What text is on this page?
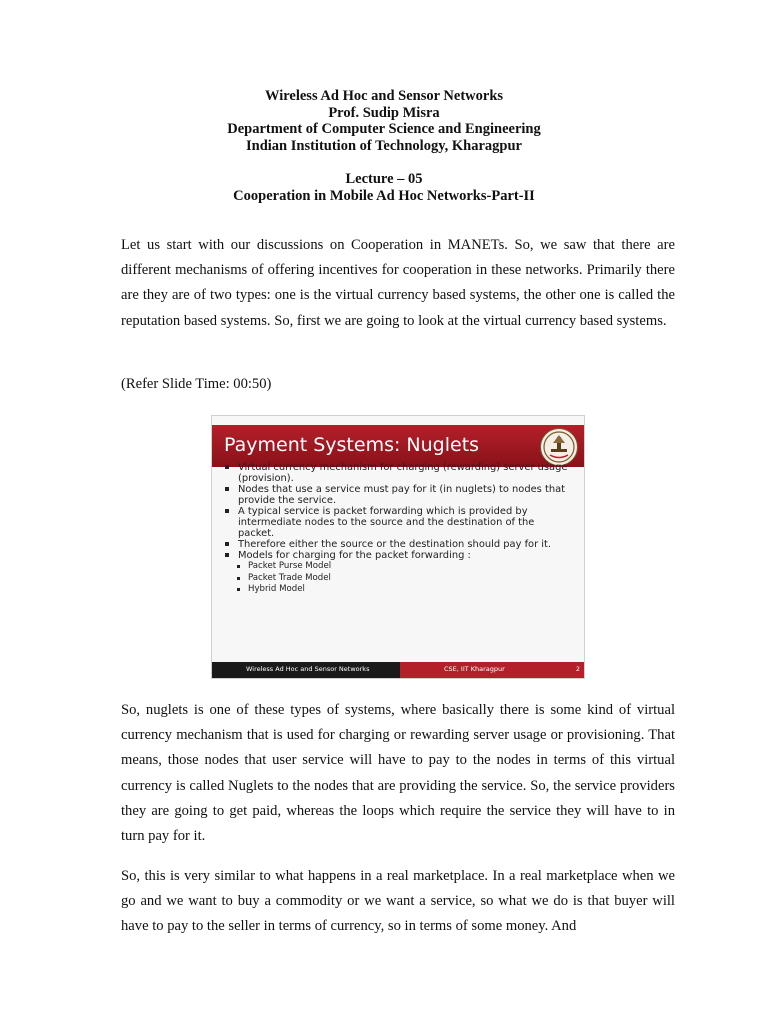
Wireless Ad Hoc and Sensor Networks

Prof. Sudip Misra

Department of Computer Science and Engineering

Indian Institution of Technology, Kharagpur

Lecture – 05

Cooperation in Mobile Ad Hoc Networks-Part-II

Let us start with our discussions on Cooperation in MANETs. So, we saw that there are different mechanisms of offering incentives for cooperation in these networks. Primarily there are they are of two types: one is the virtual currency based systems, the other one is called the reputation based systems. So, first we are going to look at the virtual currency based systems.

(Refer Slide Time: 00:50)

Payment Systems: Nuglets
Virtual currency mechanism for charging (rewarding) server usage (provision).
Nodes that use a service must pay for it (in nuglets) to nodes that provide the service.
A typical service is packet forwarding which is provided by intermediate nodes to the source and the destination of the packet.
Therefore either the source or the destination should pay for it.
Models for charging for the packet forwarding :
Packet Purse Model
Packet Trade Model
Hybrid Model
Wireless Ad Hoc and Sensor Networks	CSE, IIT Kharagpur	2

So, nuglets is one of these types of systems, where basically there is some kind of virtual currency mechanism that is used for charging or rewarding server usage or provisioning. That means, those nodes that user service will have to pay to the nodes in terms of this virtual currency is called Nuglets to the nodes that are providing the service. So, the service providers they are going to get paid, whereas the loops which require the service they will have to in turn pay for it.

So, this is very similar to what happens in a real marketplace. In a real marketplace when we go and we want to buy a commodity or we want a service, so what we do is that buyer will have to pay to the seller in terms of currency, so in terms of some money. And
